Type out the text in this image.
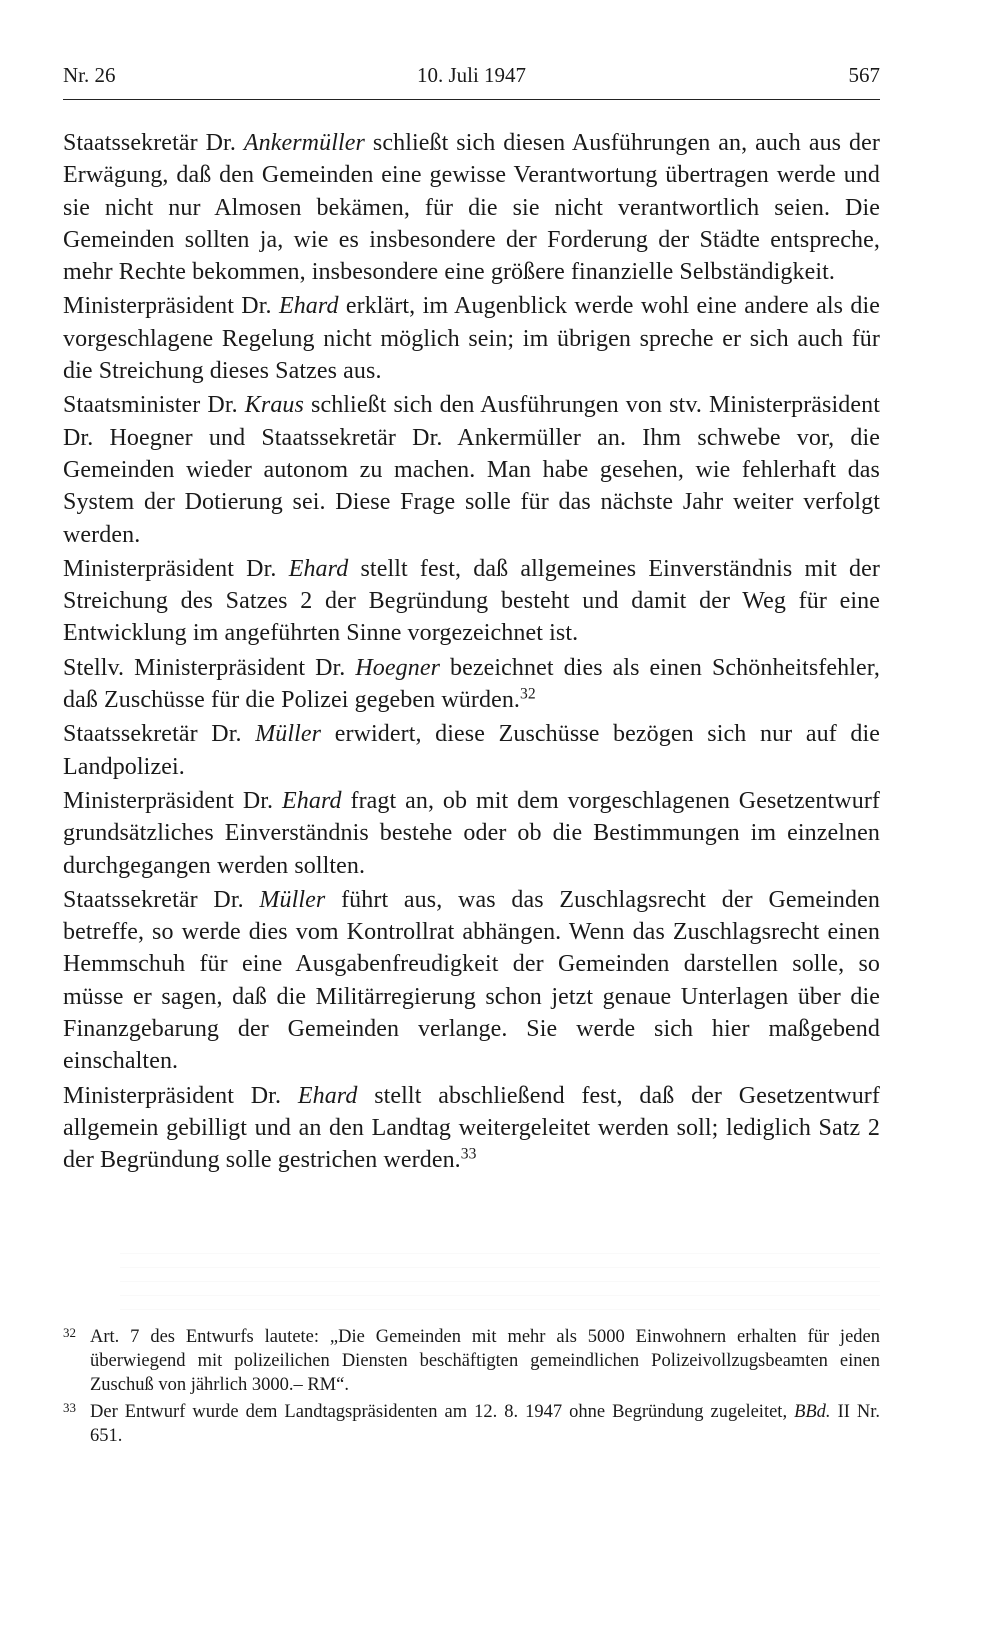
Nr. 26	10. Juli 1947	567

Staatssekretär Dr. Ankermüller schließt sich diesen Ausführungen an, auch aus der Erwägung, daß den Gemeinden eine gewisse Verantwortung übertragen werde und sie nicht nur Almosen bekämen, für die sie nicht verantwortlich seien. Die Gemeinden sollten ja, wie es insbesondere der Forderung der Städte entspreche, mehr Rechte bekommen, insbesondere eine größere finanzielle Selbständigkeit.

Ministerpräsident Dr. Ehard erklärt, im Augenblick werde wohl eine andere als die vorgeschlagene Regelung nicht möglich sein; im übrigen spreche er sich auch für die Streichung dieses Satzes aus.

Staatsminister Dr. Kraus schließt sich den Ausführungen von stv. Ministerpräsident Dr. Hoegner und Staatssekretär Dr. Ankermüller an. Ihm schwebe vor, die Gemeinden wieder autonom zu machen. Man habe gesehen, wie fehlerhaft das System der Dotierung sei. Diese Frage solle für das nächste Jahr weiter verfolgt werden.

Ministerpräsident Dr. Ehard stellt fest, daß allgemeines Einverständnis mit der Streichung des Satzes 2 der Begründung besteht und damit der Weg für eine Entwicklung im angeführten Sinne vorgezeichnet ist.

Stellv. Ministerpräsident Dr. Hoegner bezeichnet dies als einen Schönheitsfehler, daß Zuschüsse für die Polizei gegeben würden.$^{32}$

Staatssekretär Dr. Müller erwidert, diese Zuschüsse bezögen sich nur auf die Landpolizei.

Ministerpräsident Dr. Ehard fragt an, ob mit dem vorgeschlagenen Gesetzentwurf grundsätzliches Einverständnis bestehe oder ob die Bestimmungen im einzelnen durchgegangen werden sollten.

Staatssekretär Dr. Müller führt aus, was das Zuschlagsrecht der Gemeinden betreffe, so werde dies vom Kontrollrat abhängen. Wenn das Zuschlagsrecht einen Hemmschuh für eine Ausgabenfreudigkeit der Gemeinden darstellen solle, so müsse er sagen, daß die Militärregierung schon jetzt genaue Unterlagen über die Finanzgebarung der Gemeinden verlange. Sie werde sich hier maßgebend einschalten.

Ministerpräsident Dr. Ehard stellt abschließend fest, daß der Gesetzentwurf allgemein gebilligt und an den Landtag weitergeleitet werden soll; lediglich Satz 2 der Begründung solle gestrichen werden.$^{33}$

32 Art. 7 des Entwurfs lautete: „Die Gemeinden mit mehr als 5000 Einwohnern erhalten für jeden überwiegend mit polizeilichen Diensten beschäftigten gemeindlichen Polizeivollzugsbeamten einen Zuschuß von jährlich 3000.– RM“.
33 Der Entwurf wurde dem Landtagspräsidenten am 12. 8. 1947 ohne Begründung zugeleitet, BBd. II Nr. 651.
